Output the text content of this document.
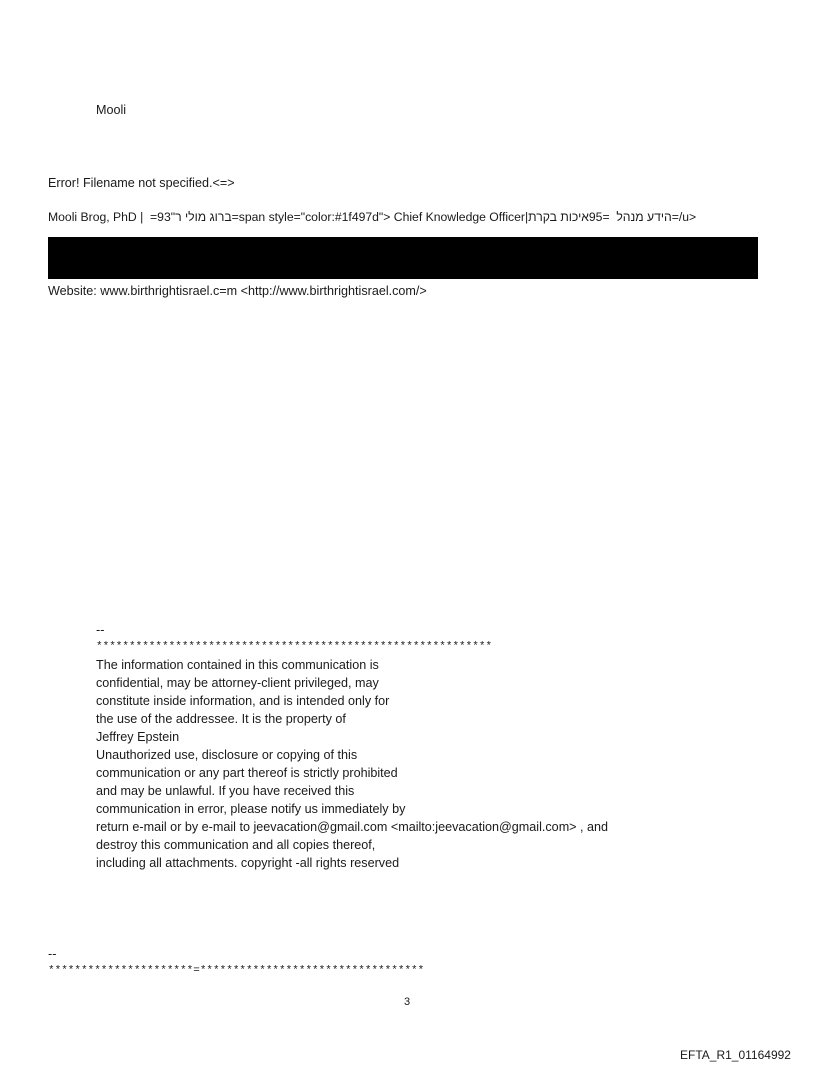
Mooli
Error! Filename not specified.<=>
Mooli Brog, PhD |  =93"ברוג מולי ר=span style="color:#1f497d"> Chief Knowledge Officer|הידע מנהל  =95איכות בקרת=/u>
Website: www.birthrightisrael.c=m <http://www.birthrightisrael.com/>
--
************************************************************
The information contained in this communication is
confidential, may be attorney-client privileged, may
constitute inside information, and is intended only for
the use of the addressee. It is the property of
Jeffrey Epstein
Unauthorized use, disclosure or copying of this
communication or any part thereof is strictly prohibited
and may be unlawful. If you have received this
communication in error, please notify us immediately by
return e-mail or by e-mail to jeevacation@gmail.com <mailto:jeevacation@gmail.com> , and
destroy this communication and all copies thereof,
including all attachments. copyright -all rights reserved
--
**********************=**********************************
3
EFTA_R1_01164992
